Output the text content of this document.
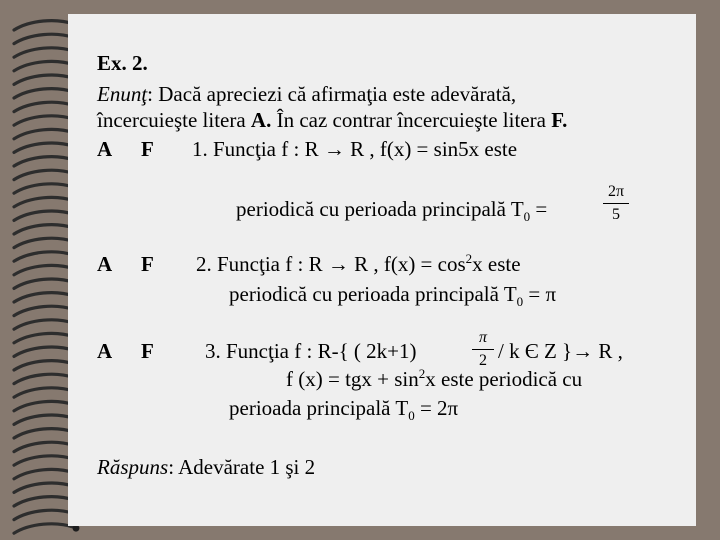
Ex. 2.
Enunţ: Dacă apreciezi că afirmaţia este adevărată,
încercuieşte litera A. În caz contrar încercuieşte litera F.
A F 1. Funcţia f : R → R , f(x) = sin5x este
periodică cu perioada principală $T_0$ =
2π
5
A F 2. Funcţia f : R → R , $f(x) = \cos^2x$ este
periodică cu perioada principală $T_0 = \pi$
A F 3. Funcţia f : R-{ ( 2k+1)
π
2 / k Є Z }→ R ,
f (x) = tgx + $\sin^2x$ este periodică cu
perioada principală $T_0 = 2\pi$
Răspuns: Adevărate 1 şi 2
